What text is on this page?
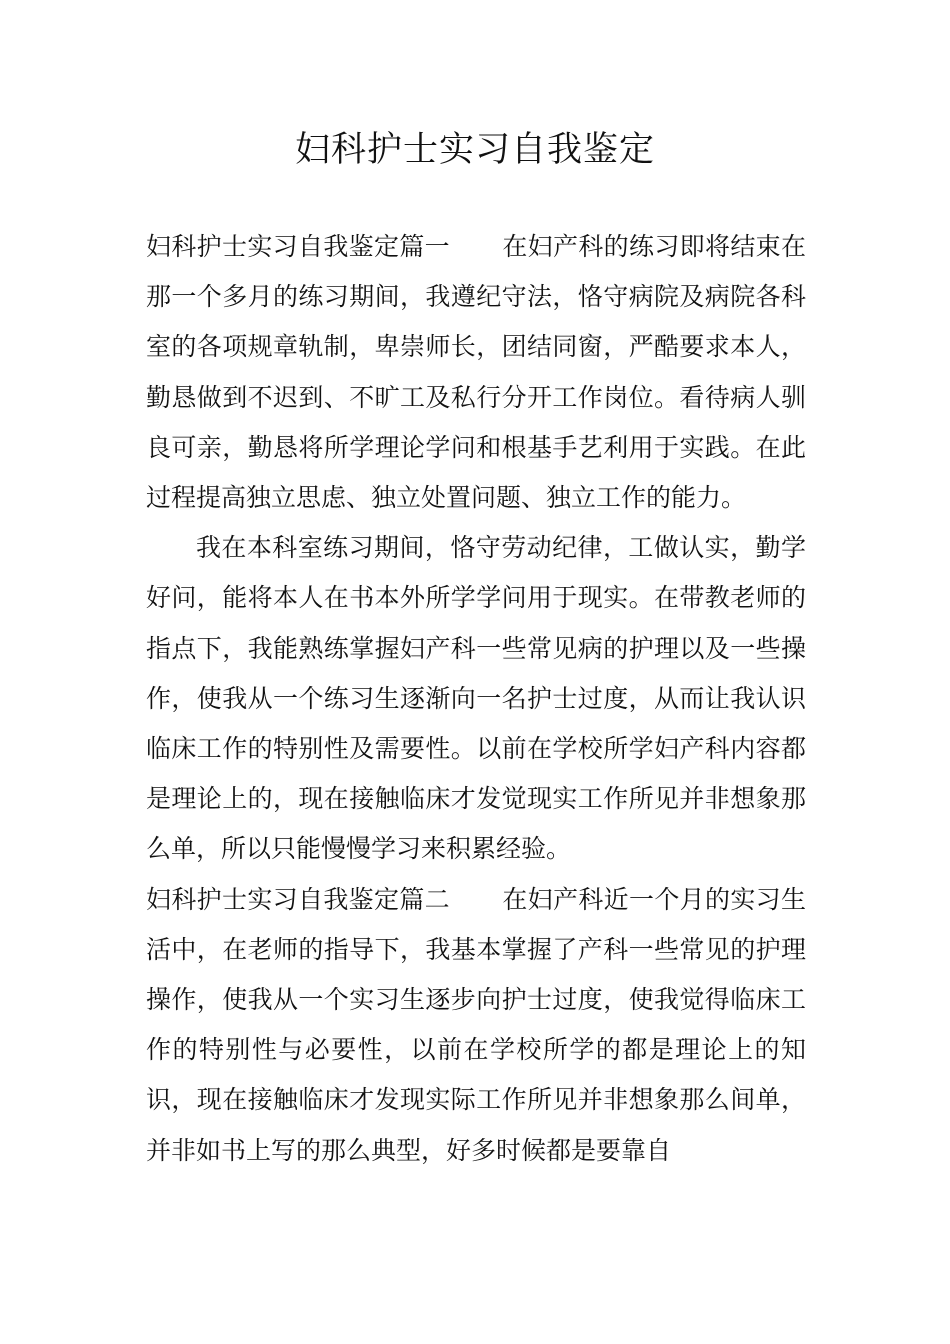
妇科护士实习自我鉴定

妇科护士实习自我鉴定篇一 在妇产科的练习即将结束在那一个多月的练习期间，我遵纪守法，恪守病院及病院各科室的各项规章轨制，卑崇师长，团结同窗，严酷要求本人，勤恳做到不迟到、不旷工及私行分开工作岗位。看待病人驯良可亲，勤恳将所学理论学问和根基手艺利用于实践。在此过程提高独立思虑、独立处置问题、独立工作的能力。

我在本科室练习期间，恪守劳动纪律，工做认实，勤学好问，能将本人在书本外所学学问用于现实。在带教老师的指点下，我能熟练掌握妇产科一些常见病的护理以及一些操作，使我从一个练习生逐渐向一名护士过度，从而让我认识临床工作的特别性及需要性。以前在学校所学妇产科内容都是理论上的，现在接触临床才发觉现实工作所见并非想象那么单，所以只能慢慢学习来积累经验。

妇科护士实习自我鉴定篇二 在妇产科近一个月的实习生活中，在老师的指导下，我基本掌握了产科一些常见的护理操作，使我从一个实习生逐步向护士过度，使我觉得临床工作的特别性与必要性，以前在学校所学的都是理论上的知识，现在接触临床才发现实际工作所见并非想象那么间单，并非如书上写的那么典型，好多时候都是要靠自
